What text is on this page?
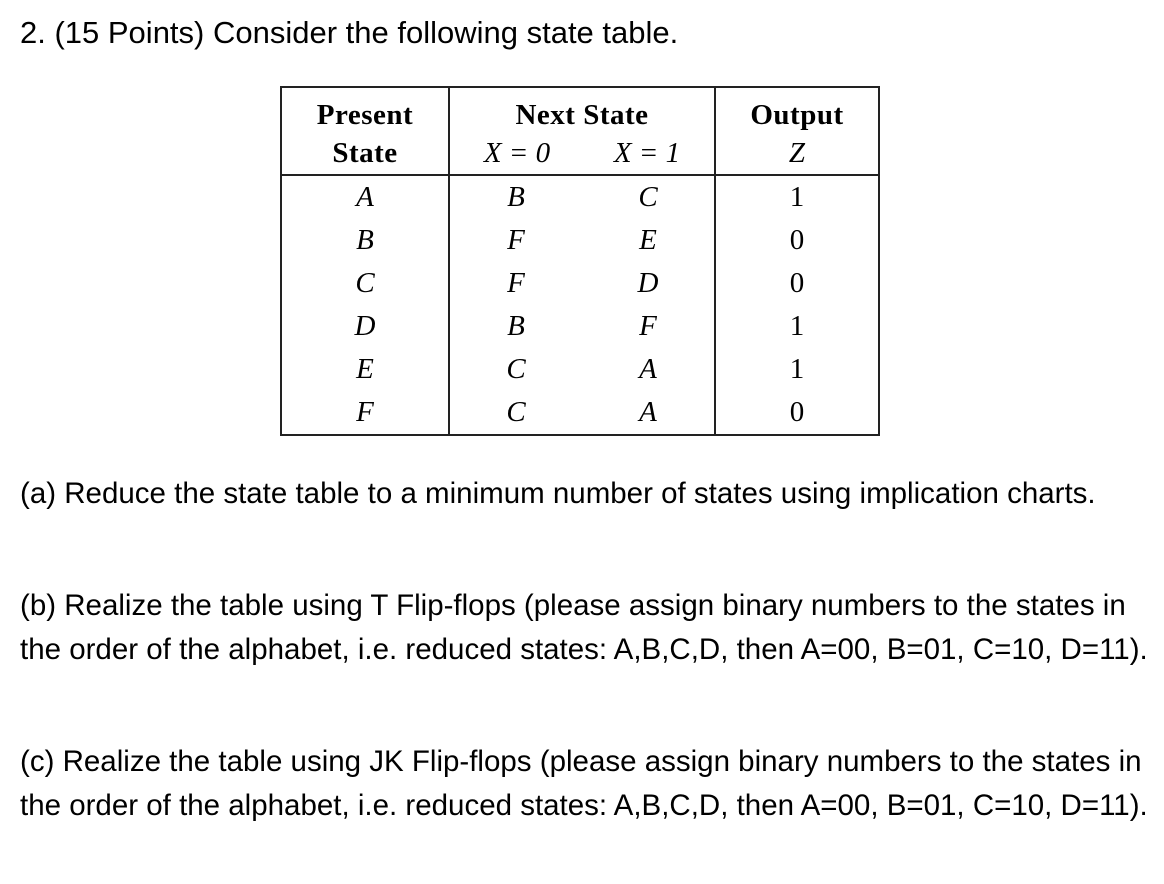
2. (15 Points) Consider the following state table.
Present	Next State	Output
State	X = 0 X = 1	Z
A	B C	1
B	F E	0
C	F D	0
D	B F	1
E	C A	1
F	C A	0
(a) Reduce the state table to a minimum number of states using implication charts.
(b) Realize the table using T Flip-flops (please assign binary numbers to the states in the order of the alphabet, i.e. reduced states: A,B,C,D, then A=00, B=01, C=10, D=11).
(c) Realize the table using JK Flip-flops (please assign binary numbers to the states in the order of the alphabet, i.e. reduced states: A,B,C,D, then A=00, B=01, C=10, D=11).
